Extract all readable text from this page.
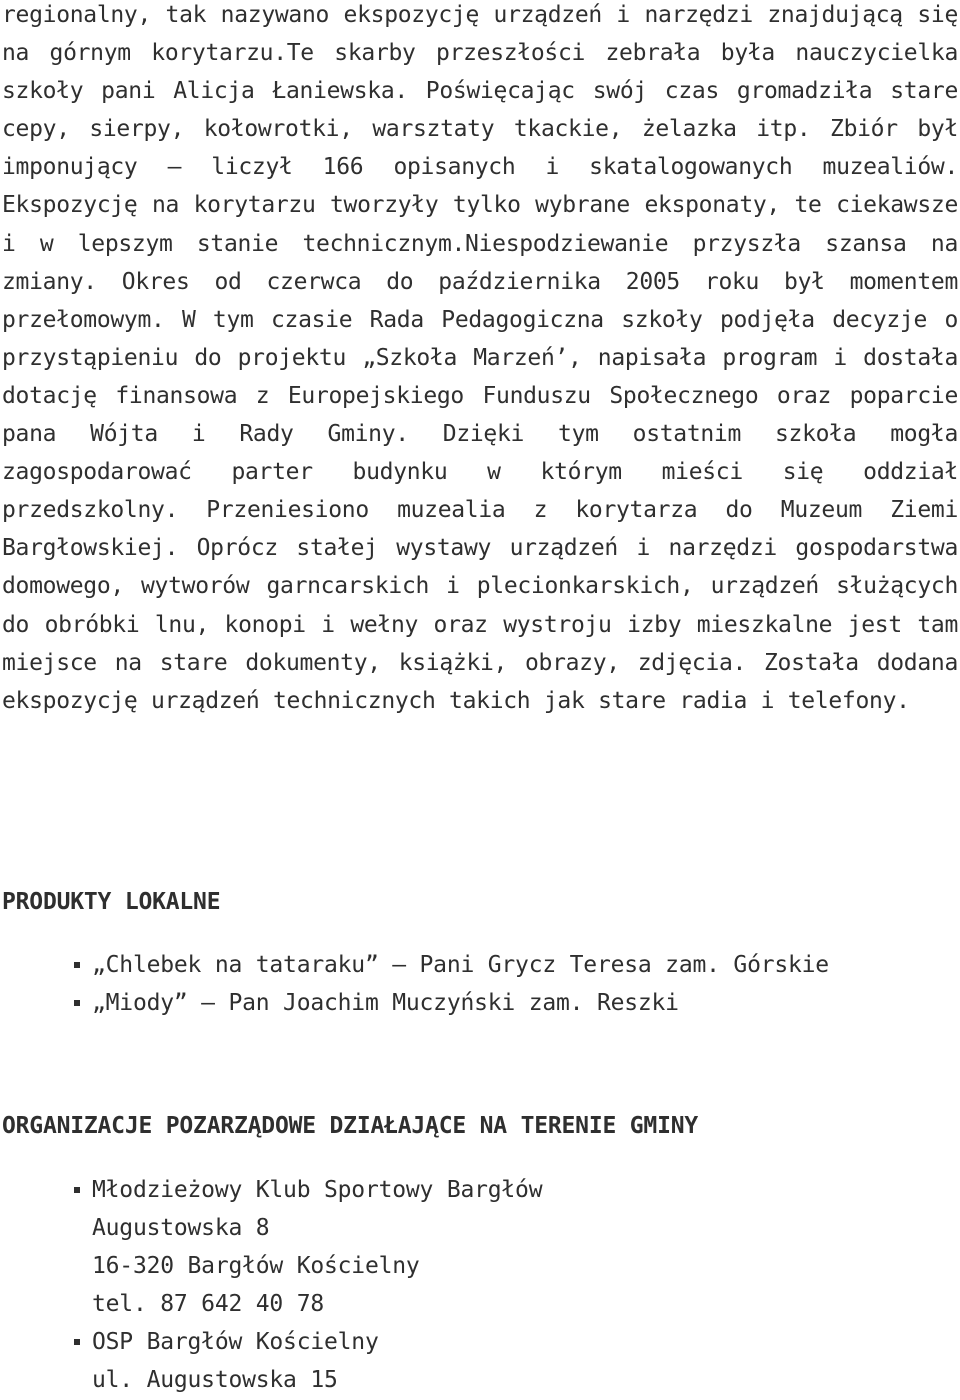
regionalny, tak nazywano ekspozycję urządzeń i narzędzi znajdującą się na górnym korytarzu.Te skarby przeszłości zebrała była nauczycielka szkoły pani Alicja Łaniewska. Poświęcając swój czas gromadziła stare cepy, sierpy, kołowrotki, warsztaty tkackie, żelazka itp. Zbiór był imponujący – liczył 166 opisanych i skatalogowanych muzealiów. Ekspozycję na korytarzu tworzyły tylko wybrane eksponaty, te ciekawsze i w lepszym stanie technicznym.Niespodziewanie przyszła szansa na zmiany. Okres od czerwca do października 2005 roku był momentem przełomowym. W tym czasie Rada Pedagogiczna szkoły podjęła decyzje o przystąpieniu do projektu „Szkoła Marzeń’, napisała program i dostała dotację finansowa z Europejskiego Funduszu Społecznego oraz poparcie pana Wójta i Rady Gminy. Dzięki tym ostatnim szkoła mogła zagospodarować parter budynku w którym mieści się oddział przedszkolny. Przeniesiono muzealia z korytarza do Muzeum Ziemi Bargłowskiej. Oprócz stałej wystawy urządzeń i narzędzi gospodarstwa domowego, wytworów garncarskich i plecionkarskich, urządzeń służących do obróbki lnu, konopi i wełny oraz wystroju izby mieszkalne jest tam miejsce na stare dokumenty, książki, obrazy, zdjęcia. Została dodana ekspozycję urządzeń technicznych takich jak stare radia i telefony.

PRODUKTY LOKALNE
„Chlebek na tataraku” – Pani Grycz Teresa zam. Górskie
„Miody” – Pan Joachim Muczyński zam. Reszki
ORGANIZACJE POZARZĄDOWE DZIAŁAJĄCE NA TERENIE GMINY
Młodzieżowy Klub Sportowy Bargłów
Augustowska 8
16-320 Bargłów Kościelny
tel. 87 642 40 78
OSP Bargłów Kościelny
ul. Augustowska 15
